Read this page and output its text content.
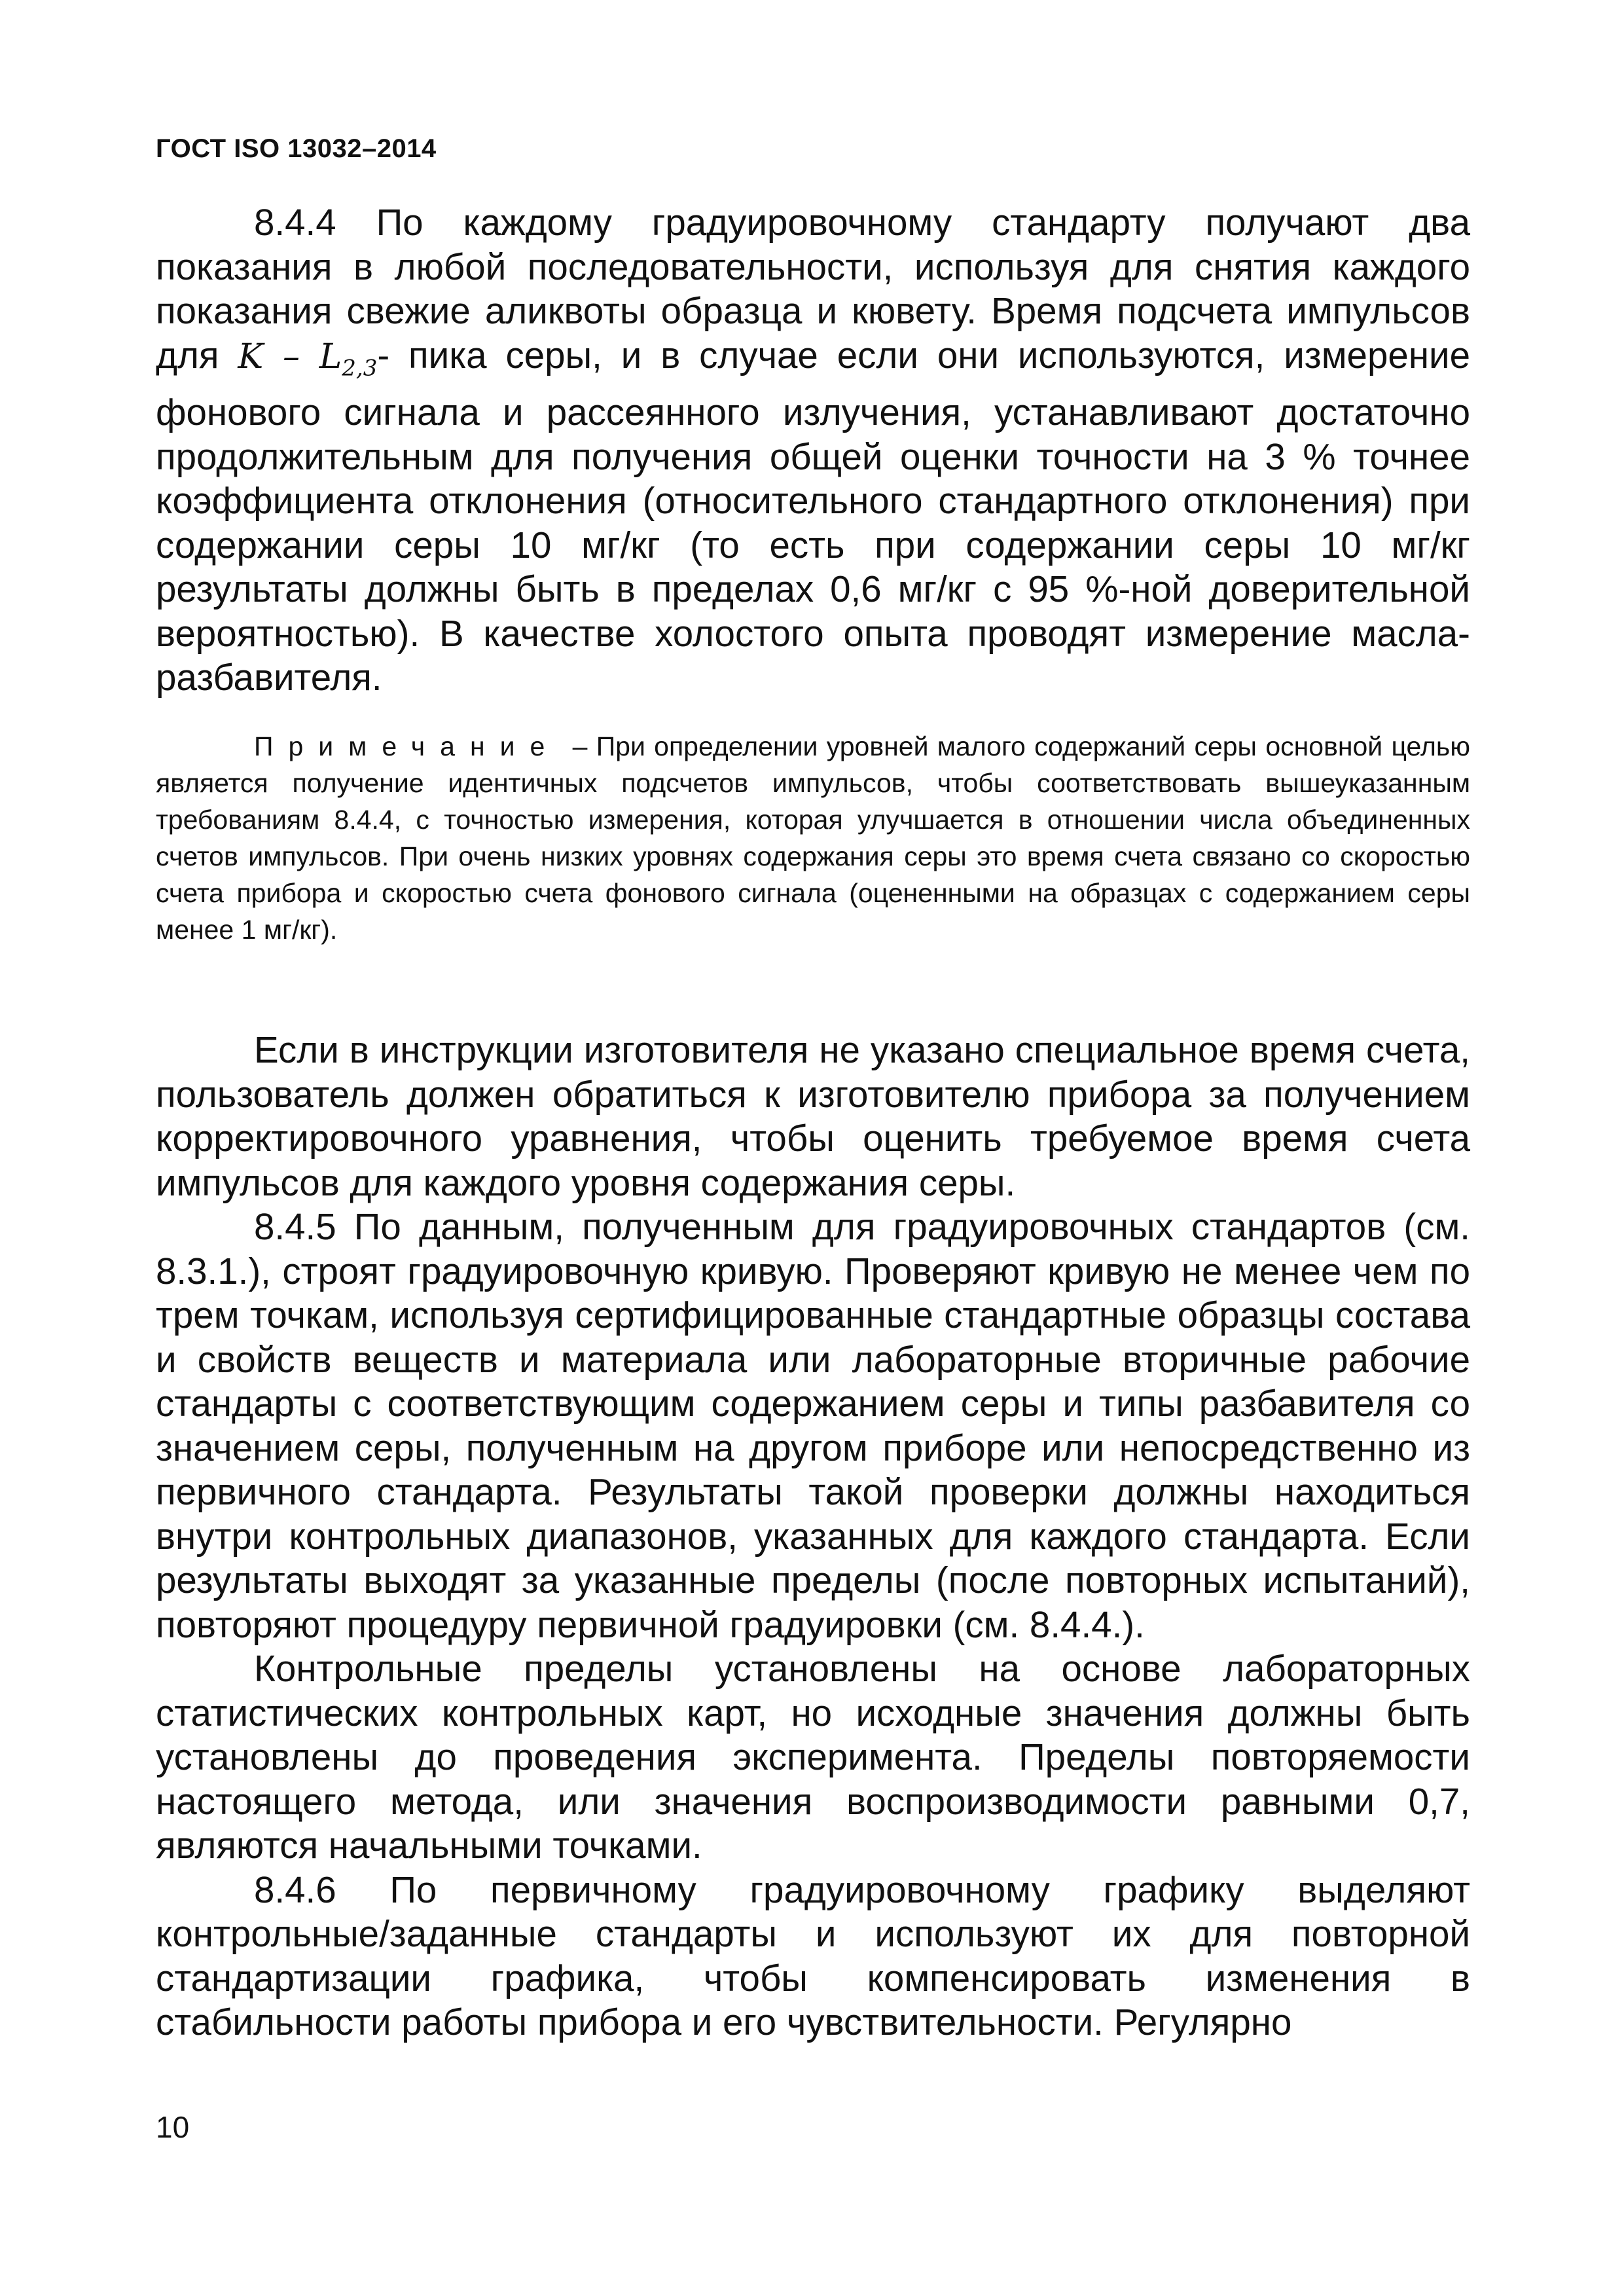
ГОСТ ISO 13032–2014

8.4.4 По каждому градуировочному стандарту получают два показания в любой последовательности, используя для снятия каждого показания свежие аликвоты образца и кювету. Время подсчета импульсов для K – $L_{2,3}-$ пика серы, и в случае если они используются, измерение фонового сигнала и рассеянного излучения, устанавливают достаточно продолжительным для получения общей оценки точности на 3 % точнее коэффициента отклонения (относительного стандартного отклонения) при содержании серы 10 мг/кг (то есть при содержании серы 10 мг/кг результаты должны быть в пределах 0,6 мг/кг с 95 %-ной доверительной вероятностью). В качестве холостого опыта проводят измерение масла-разбавителя.

Примечание – При определении уровней малого содержаний серы основной целью является получение идентичных подсчетов импульсов, чтобы соответствовать вышеуказанным требованиям 8.4.4, с точностью измерения, которая улучшается в отношении числа объединенных счетов импульсов. При очень низких уровнях содержания серы это время счета связано со скоростью счета прибора и скоростью счета фонового сигнала (оцененными на образцах с содержанием серы менее 1 мг/кг).

Если в инструкции изготовителя не указано специальное время счета, пользователь должен обратиться к изготовителю прибора за получением корректировочного уравнения, чтобы оценить требуемое время счета импульсов для каждого уровня содержания серы.

8.4.5 По данным, полученным для градуировочных стандартов (см. 8.3.1.), строят градуировочную кривую. Проверяют кривую не менее чем по трем точкам, используя сертифицированные стандартные образцы состава и свойств веществ и материала или лабораторные вторичные рабочие стандарты с соответствующим содержанием серы и типы разбавителя со значением серы, полученным на другом приборе или непосредственно из первичного стандарта. Результаты такой проверки должны находиться внутри контрольных диапазонов, указанных для каждого стандарта. Если результаты выходят за указанные пределы (после повторных испытаний), повторяют процедуру первичной градуировки (см. 8.4.4.).

Контрольные пределы установлены на основе лабораторных статистических контрольных карт, но исходные значения должны быть установлены до проведения эксперимента. Пределы повторяемости настоящего метода, или значения воспроизводимости равными 0,7, являются начальными точками.

8.4.6 По первичному градуировочному графику выделяют контрольные/заданные стандарты и используют их для повторной стандартизации графика, чтобы компенсировать изменения в стабильности работы прибора и его чувствительности. Регулярно

10
